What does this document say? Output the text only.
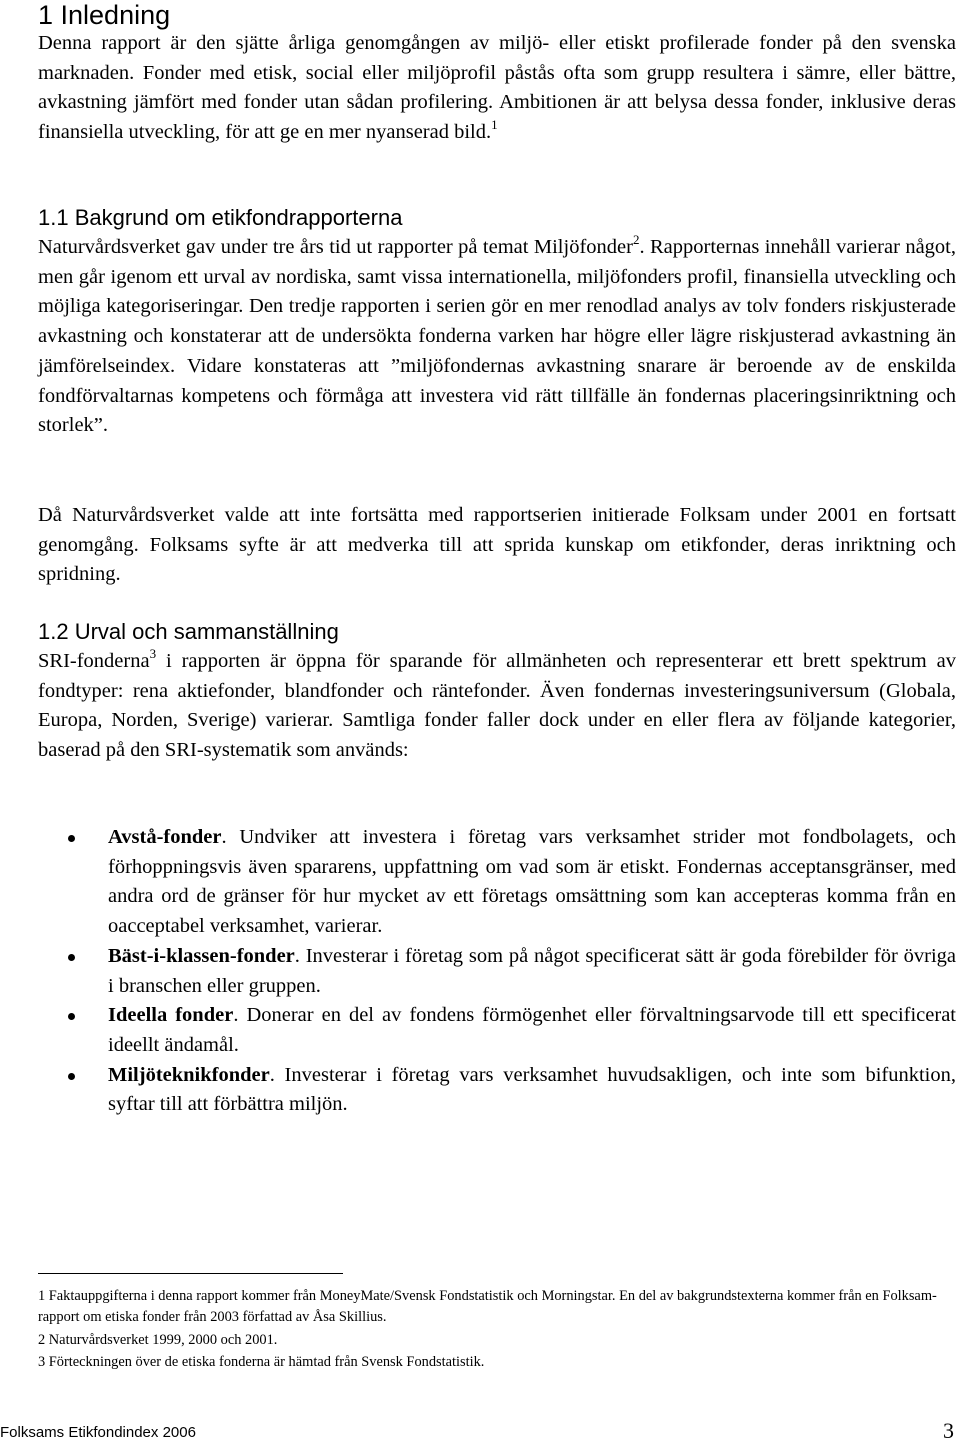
1 Inledning

Denna rapport är den sjätte årliga genomgången av miljö- eller etiskt profilerade fonder på den svenska marknaden. Fonder med etisk, social eller miljöprofil påstås ofta som grupp resultera i sämre, eller bättre, avkastning jämfört med fonder utan sådan profilering. Ambitionen är att belysa dessa fonder, inklusive deras finansiella utveckling, för att ge en mer nyanserad bild.$^1$

1.1 Bakgrund om etikfondrapporterna

Naturvårdsverket gav under tre års tid ut rapporter på temat Miljöfonder$^2$. Rapporternas innehåll varierar något, men går igenom ett urval av nordiska, samt vissa internationella, miljöfonders profil, finansiella utveckling och möjliga kategoriseringar. Den tredje rapporten i serien gör en mer renodlad analys av tolv fonders riskjusterade avkastning och konstaterar att de undersökta fonderna varken har högre eller lägre riskjusterad avkastning än jämförelseindex. Vidare konstateras att ”miljöfondernas avkastning snarare är beroende av de enskilda fondförvaltarnas kompetens och förmåga att investera vid rätt tillfälle än fondernas placeringsinriktning och storlek”.

Då Naturvårdsverket valde att inte fortsätta med rapportserien initierade Folksam under 2001 en fortsatt genomgång. Folksams syfte är att medverka till att sprida kunskap om etikfonder, deras inriktning och spridning.

1.2 Urval och sammanställning

SRI-fonderna$^3$ i rapporten är öppna för sparande för allmänheten och representerar ett brett spektrum av fondtyper: rena aktiefonder, blandfonder och räntefonder. Även fondernas investeringsuniversum (Globala, Europa, Norden, Sverige) varierar. Samtliga fonder faller dock under en eller flera av följande kategorier, baserad på den SRI-systematik som används:

Avstå-fonder. Undviker att investera i företag vars verksamhet strider mot fondbolagets, och förhoppningsvis även spararens, uppfattning om vad som är etiskt. Fondernas acceptansgränser, med andra ord de gränser för hur mycket av ett företags omsättning som kan accepteras komma från en oacceptabel verksamhet, varierar.
Bäst-i-klassen-fonder. Investerar i företag som på något specificerat sätt är goda förebilder för övriga i branschen eller gruppen.
Ideella fonder. Donerar en del av fondens förmögenhet eller förvaltningsarvode till ett specificerat ideellt ändamål.
Miljöteknikfonder. Investerar i företag vars verksamhet huvudsakligen, och inte som bifunktion, syftar till att förbättra miljön.

1 Faktauppgifterna i denna rapport kommer från MoneyMate/Svensk Fondstatistik och Morningstar. En del av bakgrundstexterna kommer från en Folksam-rapport om etiska fonder från 2003 författad av Åsa Skillius.

2 Naturvårdsverket 1999, 2000 och 2001.

3 Förteckningen över de etiska fonderna är hämtad från Svensk Fondstatistik.

Folksams Etikfondindex 2006	3
